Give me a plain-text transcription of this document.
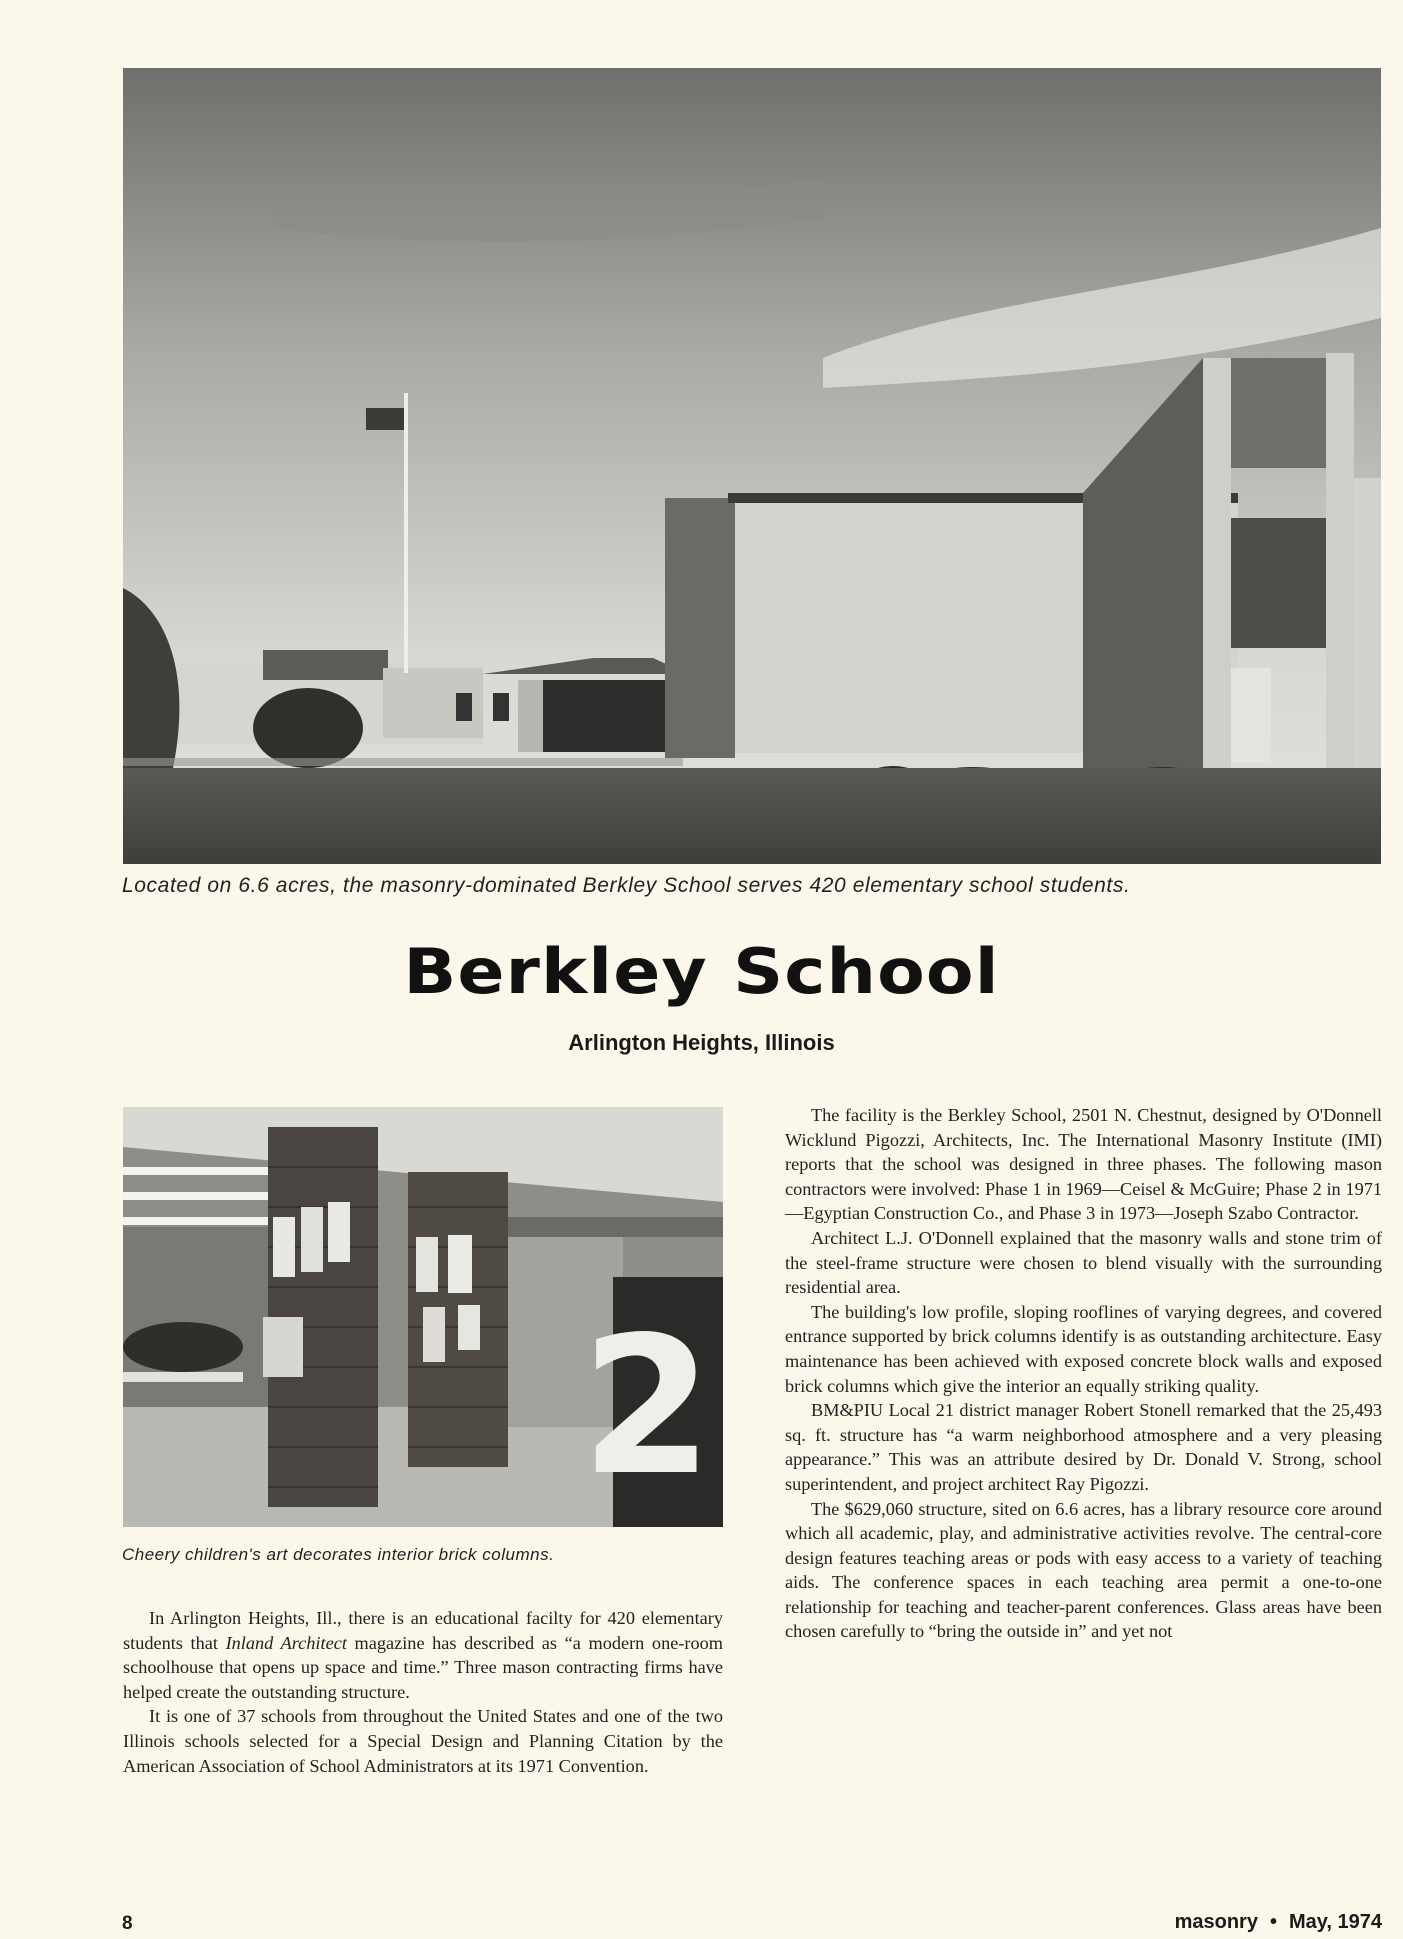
Located on 6.6 acres, the masonry-dominated Berkley School serves 420 elementary school students.
Berkley School
Arlington Heights, Illinois
2
Cheery children's art decorates interior brick columns.

In Arlington Heights, Ill., there is an educational facilty for 420 elementary students that Inland Architect magazine has described as “a modern one-room schoolhouse that opens up space and time.” Three mason contracting firms have helped create the outstanding structure.

It is one of 37 schools from throughout the United States and one of the two Illinois schools selected for a Special Design and Planning Citation by the American Association of School Administrators at its 1971 Convention.

The facility is the Berkley School, 2501 N. Chestnut, designed by O'Donnell Wicklund Pigozzi, Architects, Inc. The International Masonry Institute (IMI) reports that the school was designed in three phases. The following mason contractors were involved: Phase 1 in 1969—Ceisel & McGuire; Phase 2 in 1971—Egyptian Construction Co., and Phase 3 in 1973—Joseph Szabo Contractor.

Architect L.J. O'Donnell explained that the masonry walls and stone trim of the steel-frame structure were chosen to blend visually with the surrounding residential area.

The building's low profile, sloping rooflines of varying degrees, and covered entrance supported by brick columns identify is as outstanding architecture. Easy maintenance has been achieved with exposed concrete block walls and exposed brick columns which give the interior an equally striking quality.

BM&PIU Local 21 district manager Robert Stonell remarked that the 25,493 sq. ft. structure has “a warm neighborhood atmosphere and a very pleasing appearance.” This was an attribute desired by Dr. Donald V. Strong, school superintendent, and project architect Ray Pigozzi.

The $629,060 structure, sited on 6.6 acres, has a library resource core around which all academic, play, and administrative activities revolve. The central-core design features teaching areas or pods with easy access to a variety of teaching aids. The conference spaces in each teaching area permit a one-to-one relationship for teaching and teacher-parent conferences. Glass areas have been chosen carefully to “bring the outside in” and yet not

8	masonry • May, 1974
